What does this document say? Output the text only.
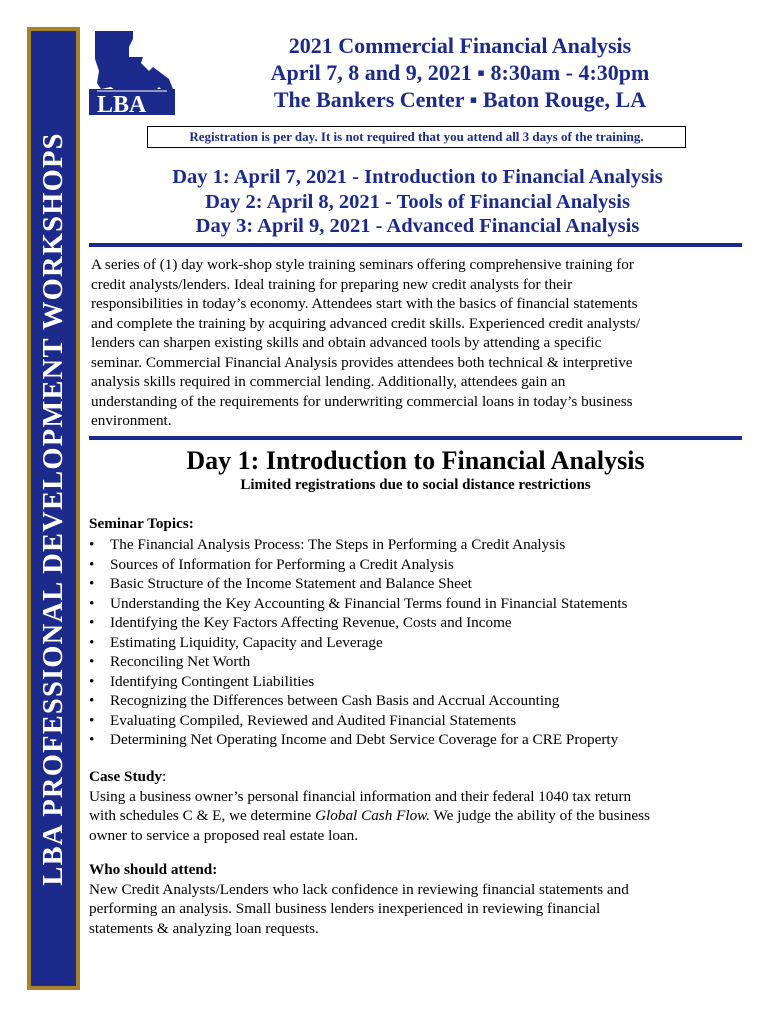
LBA PROFESSIONAL DEVELOPMENT WORKSHOPS
LBA
2021 Commercial Financial Analysis
April 7, 8 and 9, 2021 ▪ 8:30am - 4:30pm
The Bankers Center ▪ Baton Rouge, LA
Registration is per day. It is not required that you attend all 3 days of the training.
Day 1: April 7, 2021 - Introduction to Financial Analysis
Day 2: April 8, 2021 - Tools of Financial Analysis
Day 3: April 9, 2021 - Advanced Financial Analysis
A series of (1) day work-shop style training seminars offering comprehensive training for
credit analysts/lenders. Ideal training for preparing new credit analysts for their
responsibilities in today’s economy. Attendees start with the basics of financial statements
and complete the training by acquiring advanced credit skills. Experienced credit analysts/
lenders can sharpen existing skills and obtain advanced tools by attending a specific
seminar. Commercial Financial Analysis provides attendees both technical & interpretive
analysis skills required in commercial lending. Additionally, attendees gain an
understanding of the requirements for underwriting commercial loans in today’s business
environment.
Day 1: Introduction to Financial Analysis
Limited registrations due to social distance restrictions
Seminar Topics:
• The Financial Analysis Process: The Steps in Performing a Credit Analysis
• Sources of Information for Performing a Credit Analysis
• Basic Structure of the Income Statement and Balance Sheet
• Understanding the Key Accounting & Financial Terms found in Financial Statements
• Identifying the Key Factors Affecting Revenue, Costs and Income
• Estimating Liquidity, Capacity and Leverage
• Reconciling Net Worth
• Identifying Contingent Liabilities
• Recognizing the Differences between Cash Basis and Accrual Accounting
• Evaluating Compiled, Reviewed and Audited Financial Statements
• Determining Net Operating Income and Debt Service Coverage for a CRE Property
Case Study:
Using a business owner’s personal financial information and their federal 1040 tax return
with schedules C & E, we determine Global Cash Flow. We judge the ability of the business
owner to service a proposed real estate loan.
Who should attend:
New Credit Analysts/Lenders who lack confidence in reviewing financial statements and
performing an analysis. Small business lenders inexperienced in reviewing financial
statements & analyzing loan requests.
